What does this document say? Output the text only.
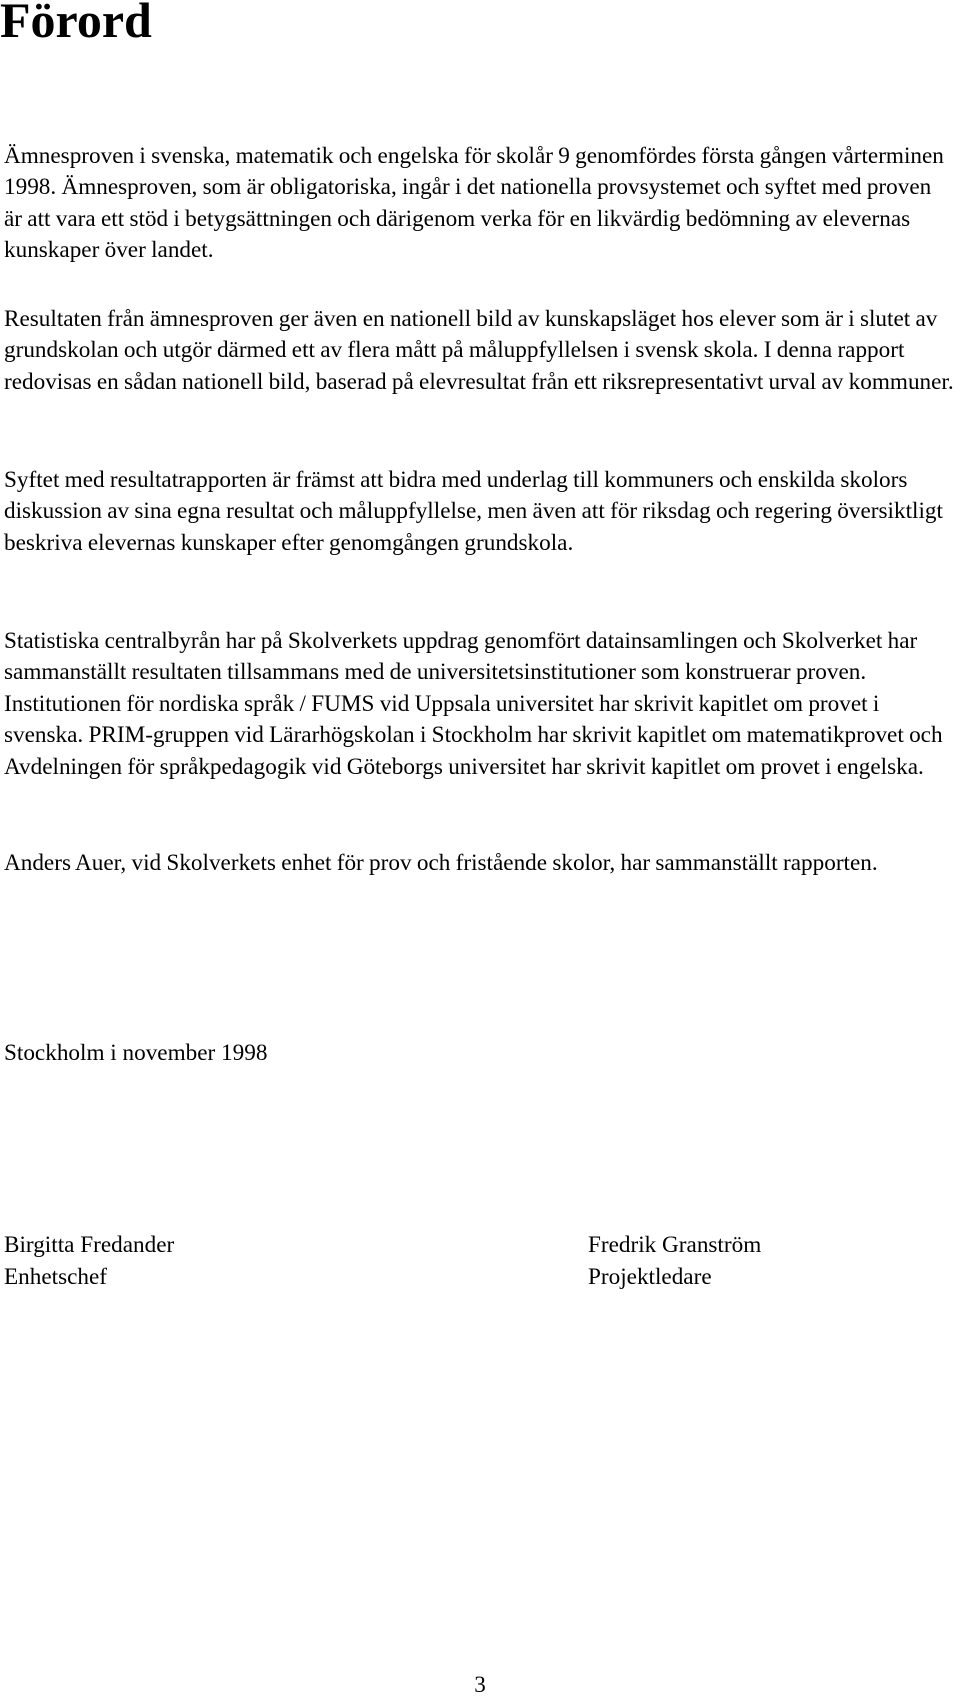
Förord

Ämnesproven i svenska, matematik och engelska för skolår 9 genomfördes första gången vårterminen 1998. Ämnesproven, som är obligatoriska, ingår i det nationella provsystemet och syftet med proven är att vara ett stöd i betygsättningen och därigenom verka för en likvärdig bedömning av elevernas kunskaper över landet.

Resultaten från ämnesproven ger även en nationell bild av kunskapsläget hos elever som är i slutet av grundskolan och utgör därmed ett av flera mått på måluppfyllelsen i svensk skola. I denna rapport redovisas en sådan nationell bild, baserad på elevresultat från ett riksrepresentativt urval av kommuner.

Syftet med resultatrapporten är främst att bidra med underlag till kommuners och enskilda skolors diskussion av sina egna resultat och måluppfyllelse, men även att för riksdag och regering översiktligt beskriva elevernas kunskaper efter genomgången grundskola.

Statistiska centralbyrån har på Skolverkets uppdrag genomfört datainsamlingen och Skolverket har sammanställt resultaten tillsammans med de universitetsinstitutioner som konstruerar proven. Institutionen för nordiska språk / FUMS vid Uppsala universitet har skrivit kapitlet om provet i svenska. PRIM-gruppen vid Lärarhögskolan i Stockholm har skrivit kapitlet om matematikprovet och Avdelningen för språkpedagogik vid Göteborgs universitet har skrivit kapitlet om provet i engelska.

Anders Auer, vid Skolverkets enhet för prov och fristående skolor, har sammanställt rapporten.

Stockholm i november 1998

Birgitta Fredander
Enhetschef
Fredrik Granström
Projektledare
3
